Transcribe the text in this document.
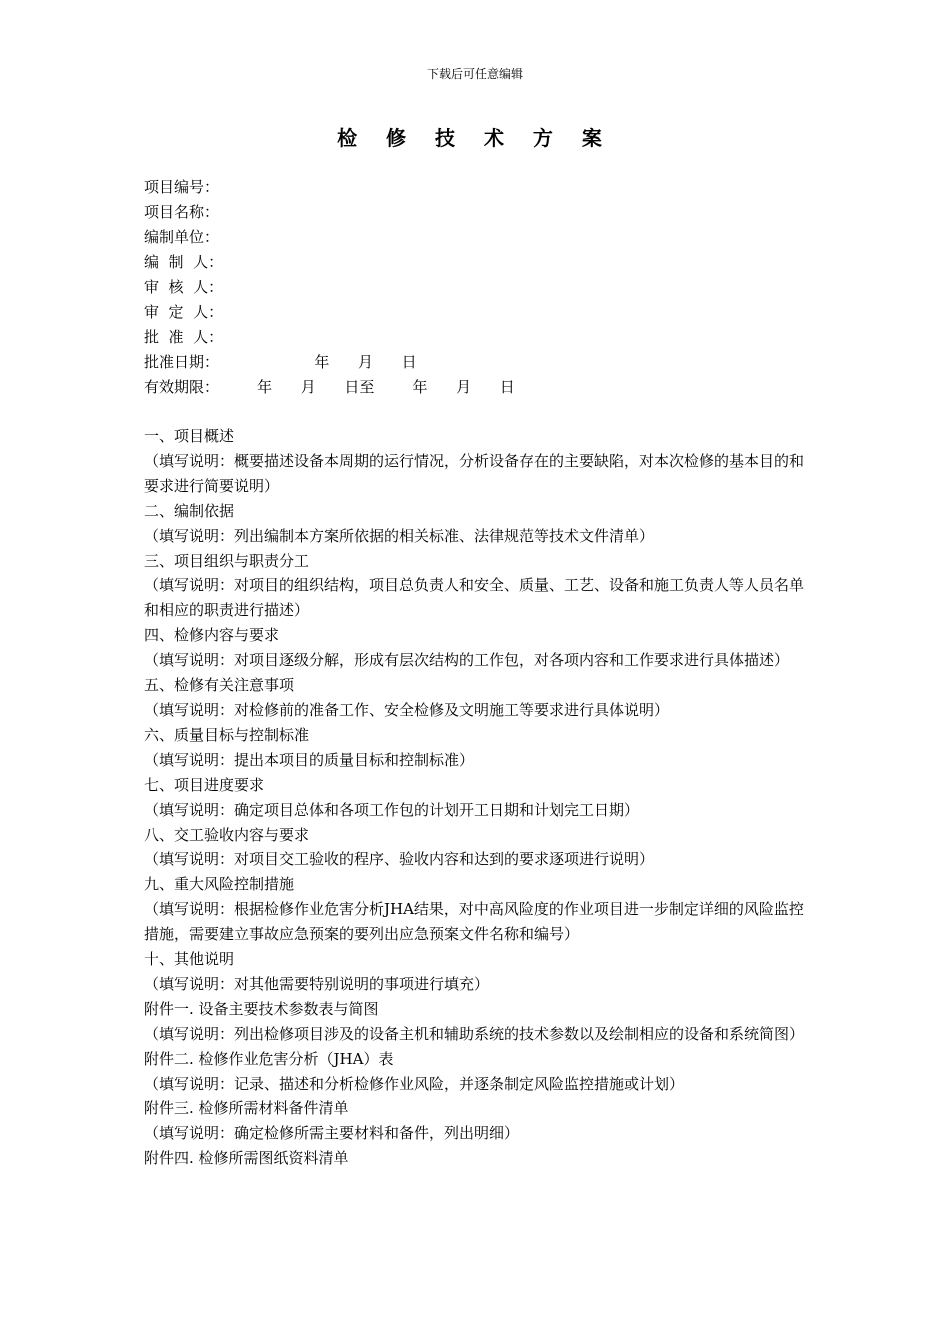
下载后可任意编辑
检 修 技 术 方 案
项目编号：
项目名称：
编制单位：
编  制  人：
审  核  人：
审  定  人：
批  准  人：
批准日期：                    年      月      日
有效期限：        年      月      日至        年      月      日
一、项目概述
（填写说明：概要描述设备本周期的运行情况，分析设备存在的主要缺陷，对本次检修的基本目的和要求进行简要说明）
二、编制依据
（填写说明：列出编制本方案所依据的相关标准、法律规范等技术文件清单）
三、项目组织与职责分工
（填写说明：对项目的组织结构，项目总负责人和安全、质量、工艺、设备和施工负责人等人员名单和相应的职责进行描述）
四、检修内容与要求
（填写说明：对项目逐级分解，形成有层次结构的工作包，对各项内容和工作要求进行具体描述）
五、检修有关注意事项
（填写说明：对检修前的准备工作、安全检修及文明施工等要求进行具体说明）
六、质量目标与控制标准
（填写说明：提出本项目的质量目标和控制标准）
七、项目进度要求
（填写说明：确定项目总体和各项工作包的计划开工日期和计划完工日期）
八、交工验收内容与要求
（填写说明：对项目交工验收的程序、验收内容和达到的要求逐项进行说明）
九、重大风险控制措施
（填写说明：根据检修作业危害分析JHA结果，对中高风险度的作业项目进一步制定详细的风险监控措施，需要建立事故应急预案的要列出应急预案文件名称和编号）
十、其他说明
（填写说明：对其他需要特别说明的事项进行填充）
附件一. 设备主要技术参数表与简图
（填写说明：列出检修项目涉及的设备主机和辅助系统的技术参数以及绘制相应的设备和系统简图）
附件二. 检修作业危害分析（JHA）表
（填写说明：记录、描述和分析检修作业风险，并逐条制定风险监控措施或计划）
附件三. 检修所需材料备件清单
（填写说明：确定检修所需主要材料和备件，列出明细）
附件四. 检修所需图纸资料清单
